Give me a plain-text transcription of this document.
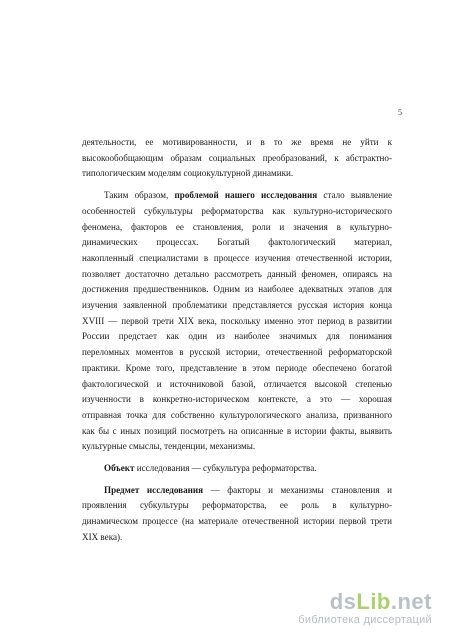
5

деятельности, ее мотивированности, и в то же время не уйти к
высокообобщающим образам социальных преобразований, к абстрактно-
типологическим моделям социокультурной динамики.

Таким образом, проблемой нашего исследования стало выявление
особенностей субкультуры реформаторства как культурно-исторического
феномена, факторов ее становления, роли и значения в культурно-
динамических процессах. Богатый фактологический материал,
накопленный специалистами в процессе изучения отечественной истории,
позволяет достаточно детально рассмотреть данный феномен, опираясь на
достижения предшественников. Одним из наиболее адекватных этапов для
изучения заявленной проблематики представляется русская история конца
XVIII — первой трети XIX века, поскольку именно этот период в развитии
России предстает как один из наиболее значимых для понимания
переломных моментов в русской истории, отечественной реформаторской
практики. Кроме того, представление в этом периоде обеспечено богатой
фактологической и источниковой базой, отличается высокой степенью
изученности в конкретно-историческом контексте, а это — хорошая
отправная точка для собственно культурологического анализа, призванного
как бы с иных позиций посмотреть на описанные в истории факты, выявить
культурные смыслы, тенденции, механизмы.

Объект исследования — субкультура реформаторства.

Предмет исследования — факторы и механизмы становления и
проявления субкультуры реформаторства, ее роль в культурно-
динамическом процессе (на материале отечественной истории первой трети
XIX века).

dsLib.net
библиотека диссертаций
